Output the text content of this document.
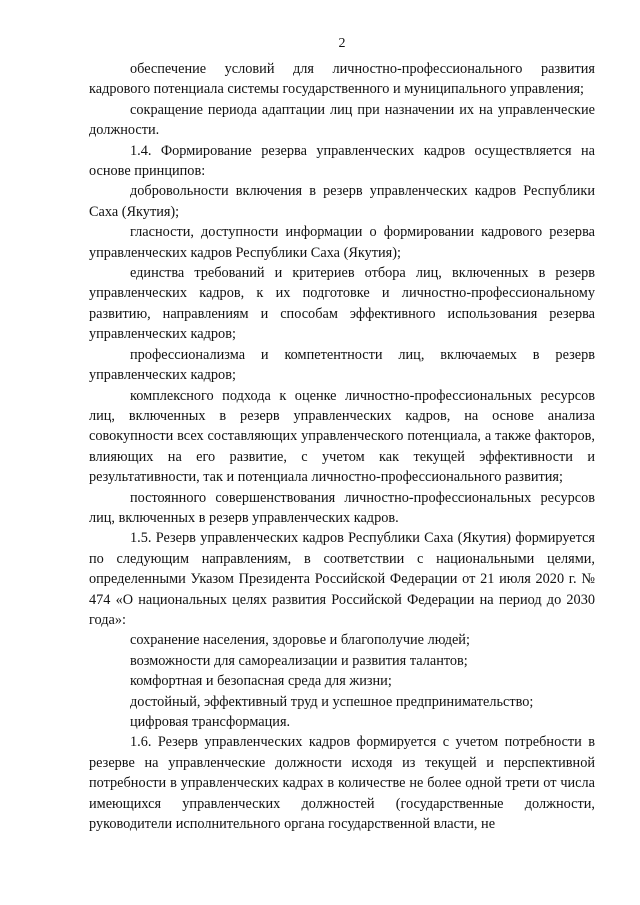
2

обеспечение условий для личностно-профессионального развития кадрового потенциала системы государственного и муниципального управления;

сокращение периода адаптации лиц при назначении их на управленческие должности.

1.4. Формирование резерва управленческих кадров осуществляется на основе принципов:

добровольности включения в резерв управленческих кадров Республики Саха (Якутия);

гласности, доступности информации о формировании кадрового резерва управленческих кадров Республики Саха (Якутия);

единства требований и критериев отбора лиц, включенных в резерв управленческих кадров, к их подготовке и личностно-профессиональному развитию, направлениям и способам эффективного использования резерва управленческих кадров;

профессионализма и компетентности лиц, включаемых в резерв управленческих кадров;

комплексного подхода к оценке личностно-профессиональных ресурсов лиц, включенных в резерв управленческих кадров, на основе анализа совокупности всех составляющих управленческого потенциала, а также факторов, влияющих на его развитие, с учетом как текущей эффективности и результативности, так и потенциала личностно-профессионального развития;

постоянного совершенствования личностно-профессиональных ресурсов лиц, включенных в резерв управленческих кадров.

1.5. Резерв управленческих кадров Республики Саха (Якутия) формируется по следующим направлениям, в соответствии с национальными целями, определенными Указом Президента Российской Федерации от 21 июля 2020 г. № 474 «О национальных целях развития Российской Федерации на период до 2030 года»:

сохранение населения, здоровье и благополучие людей;

возможности для самореализации и развития талантов;

комфортная и безопасная среда для жизни;

достойный, эффективный труд и успешное предпринимательство;

цифровая трансформация.

1.6. Резерв управленческих кадров формируется с учетом потребности в резерве на управленческие должности исходя из текущей и перспективной потребности в управленческих кадрах в количестве не более одной трети от числа имеющихся управленческих должностей (государственные должности, руководители исполнительного органа государственной власти, не
